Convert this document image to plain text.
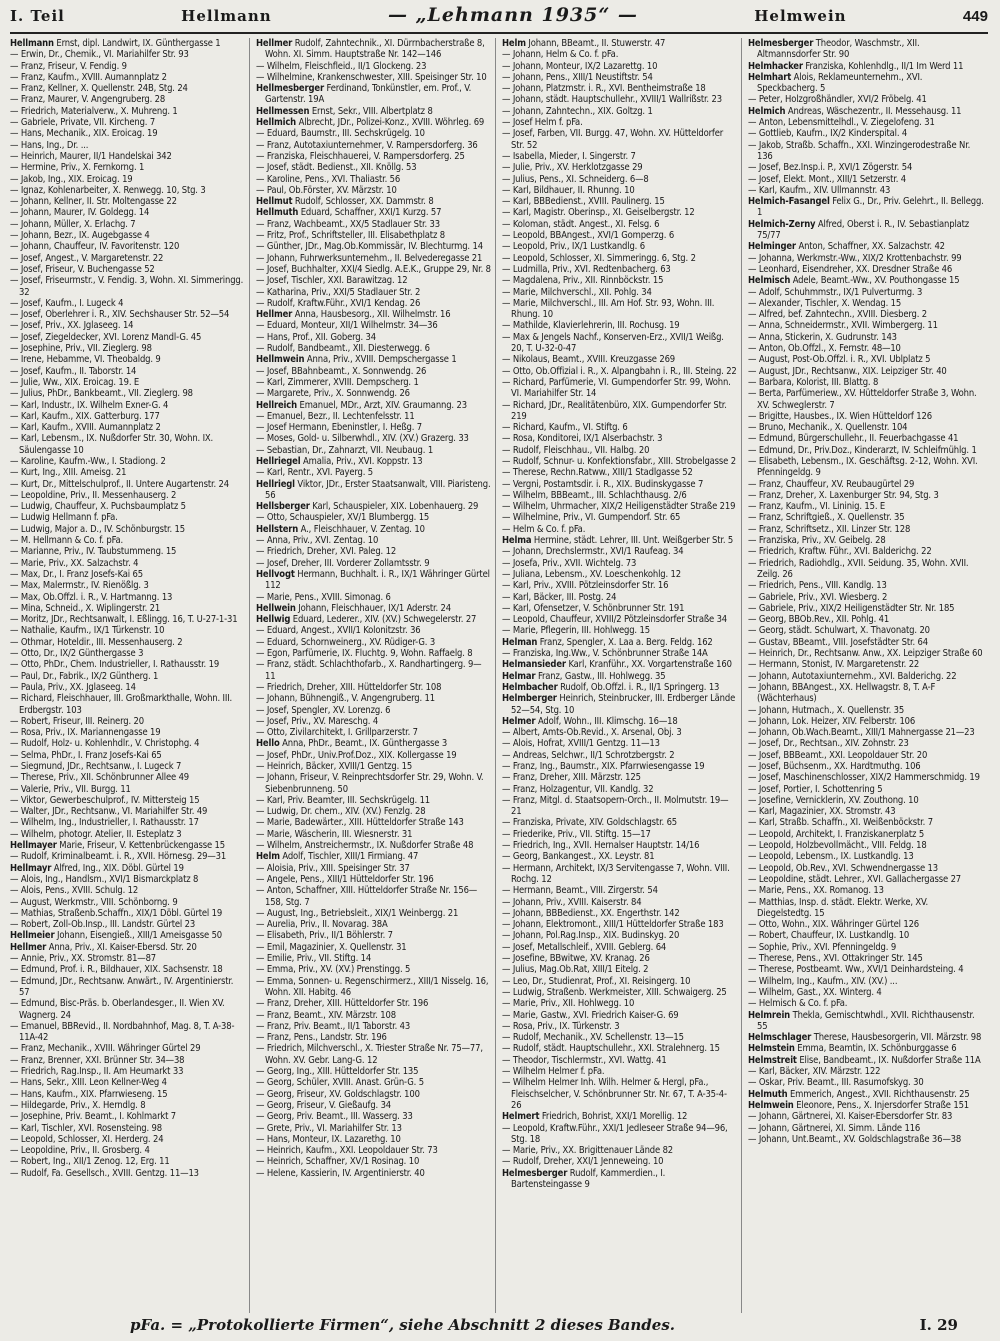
I. Teil	Hellmann	— „Lehmann 1935“ —	Helmwein	449

Hellmann Ernst, dipl. Landwirt, IX. Günthergasse 1

— Erwin, Dr., Chemik., VI. Mariahilfer Str. 93

— Franz, Friseur, V. Fendig. 9

— Franz, Kaufm., XVIII. Aumannplatz 2

— Franz, Kellner, X. Quellenstr. 24B, Stg. 24

— Franz, Maurer, V. Angengruberg. 28

— Friedrich, Materialverw., X. Muhreng. 1

— Gabriele, Private, VII. Kircheng. 7

— Hans, Mechanik., XIX. Eroicag. 19

— Hans, Ing., Dr. ...

— Heinrich, Maurer, II/1 Handelskai 342

— Hermine, Priv., X. Fernkorng. 1

— Jakob, Ing., XIX. Eroicag. 19

— Ignaz, Kohlenarbeiter, X. Renwegg. 10, Stg. 3

— Johann, Kellner, II. Str. Moltengasse 22

— Johann, Maurer, IV. Goldegg. 14

— Johann, Müller, X. Erlachg. 7

— Johann, Bezr., IX. Augebgasse 4

— Johann, Chauffeur, IV. Favoritenstr. 120

— Josef, Angest., V. Margaretenstr. 22

— Josef, Friseur, V. Buchengasse 52

— Josef, Friseurmstr., V. Fendig. 3, Wohn. XI. Simmeringg. 32

— Josef, Kaufm., I. Lugeck 4

— Josef, Oberlehrer i. R., XIV. Sechshauser Str. 52—54

— Josef, Priv., XX. Jglaseeg. 14

— Josef, Ziegeldecker, XVI. Lorenz Mandl-G. 45

— Josephine, Priv., VII. Zieglerg. 98

— Irene, Hebamme, VI. Theobaldg. 9

— Josef, Kaufm., II. Taborstr. 14

— Julie, Ww., XIX. Eroicag. 19. E

— Julius, PhDr., Bankbeamt., VII. Zieglerg. 98

— Karl, Industr., IX. Wilhelm Exner-G. 4

— Karl, Kaufm., XIX. Gatterburg. 177

— Karl, Kaufm., XVIII. Aumannplatz 2

— Karl, Lebensm., IX. Nußdorfer Str. 30, Wohn. IX. Säulengasse 10

— Karoline, Kaufm.-Ww., I. Stadiong. 2

— Kurt, Ing., XIII. Ameisg. 21

— Kurt, Dr., Mittelschulprof., II. Untere Augartenstr. 24

— Leopoldine, Priv., II. Messenhauserg. 2

— Ludwig, Chauffeur, X. Puchsbaumplatz 5

— Ludwig Hellmann f. pFa.

— Ludwig, Major a. D., IV. Schönburgstr. 15

— M. Hellmann & Co. f. pFa.

— Marianne, Priv., IV. Taubstummeng. 15

— Marie, Priv., XX. Salzachstr. 4

— Max, Dr., I. Franz Josefs-Kai 65

— Max, Malermstr., IV. Rienößlg. 3

— Max, Ob.Offzl. i. R., V. Hartmanng. 13

— Mina, Schneid., X. Wiplingerstr. 21

— Moritz, JDr., Rechtsanwalt, I. Eßlingg. 16, T. U-27-1-31

— Nathalie, Kaufm., IX/1 Türkenstr. 10

— Othmar, Hoteldir., III. Messenhauserg. 2

— Otto, Dr., IX/2 Günthergasse 3

— Otto, PhDr., Chem. Industrieller, I. Rathausstr. 19

— Paul, Dr., Fabrik., IX/2 Güntherg. 1

— Paula, Priv., XX. Jglaseeg. 14

— Richard, Fleischhauer, III. Großmarkthalle, Wohn. III. Erdbergstr. 103

— Robert, Friseur, III. Reinerg. 20

— Rosa, Priv., IX. Mariannengasse 19

— Rudolf, Holz- u. Kohlenhdlr., V. Christophg. 4

— Selma, PhDr., I. Franz Josefs-Kai 65

— Siegmund, JDr., Rechtsanw., I. Lugeck 7

— Therese, Priv., XII. Schönbrunner Allee 49

— Valerie, Priv., VII. Burgg. 11

— Viktor, Gewerbeschulprof., IV. Mittersteig 15

— Walter, JDr., Rechtsanw., VI. Mariahilfer Str. 49

— Wilhelm, Ing., Industrieller, I. Rathausstr. 17

— Wilhelm, photogr. Atelier, II. Esteplatz 3

Hellmayer Marie, Friseur, V. Kettenbrückengasse 15

— Rudolf, Kriminalbeamt. i. R., XVII. Hörnesg. 29—31

Hellmayr Alfred, Ing., XIX. Döbl. Gürtel 19

— Alois, Ing., Handlsm., XVI/1 Bismarckplatz 8

— Alois, Pens., XVIII. Schulg. 12

— August, Werkmstr., VIII. Schönborng. 9

— Mathias, Straßenb.Schaffn., XIX/1 Döbl. Gürtel 19

— Robert, Zoll-Ob.Insp., III. Landstr. Gürtel 23

Hellmeier Johann, Eisengieß., XIII/1 Ameisgasse 50

Hellmer Anna, Priv., XI. Kaiser-Ebersd. Str. 20

— Annie, Priv., XX. Stromstr. 81—87

— Edmund, Prof. i. R., Bildhauer, XIX. Sachsenstr. 18

— Edmund, JDr., Rechtsanw. Anwärt., IV. Argentinierstr. 57

— Edmund, Bisc-Präs. b. Oberlandesger., II. Wien XV. Wagnerg. 24

— Emanuel, BBRevid., II. Nordbahnhof, Mag. 8, T. A-38-11A-42

— Franz, Mechanik., XVIII. Währinger Gürtel 29

— Franz, Brenner, XXI. Brünner Str. 34—38

— Friedrich, Rag.Insp., II. Am Heumarkt 33

— Hans, Sekr., XIII. Leon Kellner-Weg 4

— Hans, Kaufm., XIX. Pfarrwieseng. 15

— Hildegarde, Priv., X. Herndlg. 8

— Josephine, Priv. Beamt., I. Kohlmarkt 7

— Karl, Tischler, XVI. Rosensteing. 98

— Leopold, Schlosser, XI. Herderg. 24

— Leopoldine, Priv., II. Grosberg. 4

— Robert, Ing., XII/1 Zenog. 12, Erg. 11

— Rudolf, Fa. Gesellsch., XVIII. Gentzg. 11—13

Hellmer Rudolf, Zahntechnik., XI. Dürrnbacherstraße 8, Wohn. XI. Simm. Hauptstraße Nr. 142—146

— Wilhelm, Fleischfleid., II/1 Glockeng. 23

— Wilhelmine, Krankenschwester, XIII. Speisinger Str. 10

Hellmesberger Ferdinand, Tonkünstler, em. Prof., V. Gartenstr. 19A

Hellmessen Ernst, Sekr., VIII. Albertplatz 8

Hellmich Albrecht, JDr., Polizei-Konz., XVIII. Wöhrleg. 69

— Eduard, Baumstr., III. Sechskrügelg. 10

— Franz, Autotaxiunternehmer, V. Rampersdorferg. 36

— Franziska, Fleischhauerei, V. Rampersdorferg. 25

— Josef, städt. Bedienst., XII. Knöllg. 53

— Karoline, Pens., XVI. Thaliastr. 56

— Paul, Ob.Förster, XV. Märzstr. 10

Hellmut Rudolf, Schlosser, XX. Dammstr. 8

Hellmuth Eduard, Schaffner, XXI/1 Kurzg. 57

— Franz, Wachbeamt., XX/5 Stadlauer Str. 33

— Fritz, Prof., Schriftsteller, III. Elisabethplatz 8

— Günther, JDr., Mag.Ob.Kommissär, IV. Blechturmg. 14

— Johann, Fuhrwerksunternehm., II. Belvederegasse 21

— Josef, Buchhalter, XXI/4 Siedlg. A.E.K., Gruppe 29, Nr. 8

— Josef, Tischler, XXI. Barawitzag. 12

— Katharina, Priv., XXI/5 Stadlauer Str. 2

— Rudolf, Kraftw.Führ., XVI/1 Kendag. 26

Hellmer Anna, Hausbesorg., XII. Wilhelmstr. 16

— Eduard, Monteur, XII/1 Wilhelmstr. 34—36

— Hans, Prof., XII. Goberg. 34

— Rudolf, Bandbeamt., XII. Diesterwegg. 6

Hellmwein Anna, Priv., XVIII. Dempschergasse 1

— Josef, BBahnbeamt., X. Sonnwendg. 26

— Karl, Zimmerer, XVIII. Dempscherg. 1

— Margarete, Priv., X. Sonnwendg. 26

Hellreich Emanuel, MDr., Arzt, XIV. Graumanng. 23

— Emanuel, Bezr., II. Lechtenfelsstr. 11

— Josef Hermann, Ebeninstler, I. Heßg. 7

— Moses, Gold- u. Silberwhdl., XIV. (XV.) Grazerg. 33

— Sebastian, Dr., Zahnarzt, VII. Neubaug. 1

Hellriegel Amalia, Priv., XVI. Koppstr. 13

— Karl, Rentr., XVI. Payerg. 5

Hellriegl Viktor, JDr., Erster Staatsanwalt, VIII. Piaristeng. 56

Hellsberger Karl, Schauspieler, XIX. Lobenhauerg. 29

— Otto, Schauspieler, XV/1 Blumbergg. 15

Hellstern A., Fleischhauer, V. Zentag. 10

— Anna, Priv., XVI. Zentag. 10

— Friedrich, Dreher, XVI. Paleg. 12

— Josef, Dreher, III. Vorderer Zollamtsstr. 9

Hellvogt Hermann, Buchhalt. i. R., IX/1 Währinger Gürtel 112

— Marie, Pens., XVIII. Simonag. 6

Hellwein Johann, Fleischhauer, IX/1 Aderstr. 24

Hellwig Eduard, Lederer., XIV. (XV.) Schwegelerstr. 27

— Eduard, Angest., XVII/1 Kolonitzstr. 36

— Eduard, Schornweinerg., XV. Rüdiger-G. 3

— Egon, Parfümerie, IX. Fluchtg. 9, Wohn. Raffaelg. 8

— Franz, städt. Schlachthofarb., X. Randhartingerg. 9—11

— Friedrich, Dreher, XIII. Hütteldorfer Str. 108

— Johann, Bühnengiß., V. Angengruberg. 11

— Josef, Spengler, XV. Lorenzg. 6

— Josef, Priv., XV. Mareschg. 4

— Otto, Zivilarchitekt, I. Grillparzerstr. 7

Hello Anna, PhDr., Beamt., IX. Günthergasse 3

— Josef, PhDr., Univ.Prof.Doz., XIX. Kollergasse 19

— Heinrich, Bäcker, XVIII/1 Gentzg. 15

— Johann, Friseur, V. Reinprechtsdorfer Str. 29, Wohn. V. Siebenbrunneng. 50

— Karl, Priv. Beamter, III. Sechskrügelg. 11

— Ludwig, Dr. chem., XIV. (XV.) Fenzlg. 28

— Marie, Badewärter., XIII. Hütteldorfer Straße 143

— Marie, Wäscherin, III. Wiesnerstr. 31

— Wilhelm, Anstreichermstr., IX. Nußdorfer Straße 48

Helm Adolf, Tischler, XIII/1 Firmiang. 47

— Aloisia, Priv., XIII. Speisinger Str. 37

— Angele, Pens., XIII/1 Hütteldorfer Str. 196

— Anton, Schaffner, XIII. Hütteldorfer Straße Nr. 156—158, Stg. 7

— August, Ing., Betriebsleit., XIX/1 Weinbergg. 21

— Aurelia, Priv., II. Novarag. 38A

— Elisabeth, Priv., II/1 Böhlerstr. 7

— Emil, Magazinier, X. Quellenstr. 31

— Emilie, Priv., VII. Stiftg. 14

— Emma, Priv., XV. (XV.) Prenstingg. 5

— Emma, Sonnen- u. Regenschirmerz., XIII/1 Nisselg. 16, Wohn. XII. Habitg. 46

— Franz, Dreher, XIII. Hütteldorfer Str. 196

— Franz, Beamt., XIV. Märzstr. 108

— Franz, Priv. Beamt., II/1 Taborstr. 43

— Franz, Pens., Landstr. Str. 196

— Friedrich, Milchverschl., X. Triester Straße Nr. 75—77, Wohn. XV. Gebr. Lang-G. 12

— Georg, Ing., XIII. Hütteldorfer Str. 135

— Georg, Schüler, XVIII. Anast. Grün-G. 5

— Georg, Friseur, XV. Goldschlagstr. 100

— Georg, Friseur, V. Gießaufg. 34

— Georg, Priv. Beamt., III. Wasserg. 33

— Grete, Priv., VI. Mariahilfer Str. 13

— Hans, Monteur, IX. Lazarethg. 10

— Heinrich, Kaufm., XXI. Leopoldauer Str. 73

— Heinrich, Schaffner, XV/1 Rosinag. 10

— Helene, Kassierin, IV. Argentinierstr. 40

Helm Johann, BBeamt., II. Stuwerstr. 47

— Johann, Helm & Co. f. pFa.

— Johann, Monteur, IX/2 Lazarettg. 10

— Johann, Pens., XIII/1 Neustiftstr. 54

— Johann, Platzmstr. i. R., XVI. Bentheimstraße 18

— Johann, städt. Hauptschullehr., XVIII/1 Wallrißstr. 23

— Johann, Zahntechn., XIX. Goltzg. 1

— Josef Helm f. pFa.

— Josef, Farben, VII. Burgg. 47, Wohn. XV. Hütteldorfer Str. 52

— Isabella, Mieder, I. Singerstr. 7

— Julie, Priv., XV. Herklotzgasse 29

— Julius, Pens., XI. Schneiderg. 6—8

— Karl, Bildhauer, II. Rhunng. 10

— Karl, BBBedienst., XVIII. Paulinerg. 15

— Karl, Magistr. Oberinsp., XI. Geiselbergstr. 12

— Koloman, städt. Angest., XI. Felsg. 6

— Leopold, BBAngest., XVI/1 Gomperzg. 6

— Leopold, Priv., IX/1 Lustkandlg. 6

— Leopold, Schlosser, XI. Simmeringg. 6, Stg. 2

— Ludmilla, Priv., XVI. Redtenbacherg. 63

— Magdalena, Priv., XII. Rinnböckstr. 15

— Marie, Milchverschl., XII. Pohlg. 34

— Marie, Milchverschl., III. Am Hof. Str. 93, Wohn. III. Rhung. 10

— Mathilde, Klavierlehrerin, III. Rochusg. 19

— Max & Jengels Nachf., Konserven-Erz., XVII/1 Weißg. 20, T. U-32-0-47

— Nikolaus, Beamt., XVIII. Kreuzgasse 269

— Otto, Ob.Offizial i. R., X. Alpangbahn i. R., III. Steing. 22

— Richard, Parfümerie, VI. Gumpendorfer Str. 99, Wohn. VI. Mariahilfer Str. 14

— Richard, JDr., Realitätenbüro, XIX. Gumpendorfer Str. 219

— Richard, Kaufm., VI. Stiftg. 6

— Rosa, Konditorei, IX/1 Alserbachstr. 3

— Rudolf, Fleischhau., VII. Halbg. 20

— Rudolf, Schnur- u. Konfektionsfabr., XIII. Strobelgasse 2

— Therese, Rechn.Ratww., XIII/1 Stadlgasse 52

— Vergni, Postamtsdir. i. R., XIX. Budinskygasse 7

— Wilhelm, BBBeamt., III. Schlachthausg. 2/6

— Wilhelm, Uhrmacher, XIX/2 Heiligenstädter Straße 219

— Wilhelmine, Priv., VI. Gumpendorf. Str. 65

— Helm & Co. f. pFa.

Helma Hermine, städt. Lehrer, III. Unt. Weißgerber Str. 5

— Johann, Drechslermstr., XVI/1 Raufeag. 34

— Josefa, Priv., XVII. Wichtelg. 73

— Juliana, Lebensm., XV. Loeschenkohlg. 12

— Karl, Priv., XVIII. Pötzleinsdorfer Str. 16

— Karl, Bäcker, III. Postg. 24

— Karl, Ofensetzer, V. Schönbrunner Str. 191

— Leopold, Chauffeur, XVIII/2 Pötzleinsdorfer Straße 34

— Marie, Pflegerin, III. Hohlwegg. 15

Helman Franz, Spengler, X. Laa a. Berg. Feldg. 162

— Franziska, Ing.Ww., V. Schönbrunner Straße 14A

Helmansieder Karl, Kranführ., XX. Vorgartenstraße 160

Helmar Franz, Gastw., III. Hohlwegg. 35

Helmbacher Rudolf, Ob.Offzl. i. R., II/1 Springerg. 13

Helmberger Heinrich, Steinbrucker, III. Erdberger Lände 52—54, Stg. 10

Helmer Adolf, Wohn., III. Klimschg. 16—18

— Albert, Amts-Ob.Revid., X. Arsenal, Obj. 3

— Alois, Hofrat, XVIII/1 Gentzg. 11—13

— Andreas, Selchwr., II/1 Schrotzbergstr. 2

— Franz, Ing., Baumstr., XIX. Pfarrwiesengasse 19

— Franz, Dreher, XIII. Märzstr. 125

— Franz, Holzagentur, VII. Kandlg. 32

— Franz, Mitgl. d. Staatsopern-Orch., II. Molmutstr. 19—21

— Franziska, Private, XIV. Goldschlagstr. 65

— Friederike, Priv., VII. Stiftg. 15—17

— Friedrich, Ing., XVII. Hernalser Hauptstr. 14/16

— Georg, Bankangest., XX. Leystr. 81

— Hermann, Architekt, IX/3 Servitengasse 7, Wohn. VIII. Rochg. 12

— Hermann, Beamt., VIII. Zirgerstr. 54

— Johann, Priv., XVIII. Kaiserstr. 84

— Johann, BBBedienst., XX. Engerthstr. 142

— Johann, Elektromont., XIII/1 Hütteldorfer Straße 183

— Johann, Pol.Rag.Insp., XIX. Budinskyg. 20

— Josef, Metallschleif., XVIII. Geblerg. 64

— Josefine, BBwitwe, XV. Kranag. 26

— Julius, Mag.Ob.Rat, XIII/1 Eitelg. 2

— Leo, Dr., Studienrat, Prof., XI. Reisingerg. 10

— Ludwig, Straßenb. Werkmeister, XIII. Schwaigerg. 25

— Marie, Priv., XII. Hohlwegg. 10

— Marie, Gastw., XVI. Friedrich Kaiser-G. 69

— Rosa, Priv., IX. Türkenstr. 3

— Rudolf, Mechanik., XV. Schellenstr. 13—15

— Rudolf, städt. Hauptschullehr., XXI. Stralehnerg. 15

— Theodor, Tischlermstr., XVI. Wattg. 41

— Wilhelm Helmer f. pFa.

— Wilhelm Helmer Inh. Wilh. Helmer & Hergl, pFa., Fleischselcher, V. Schönbrunner Str. Nr. 67, T. A-35-4-26

Helmert Friedrich, Bohrist, XXI/1 Morellig. 12

— Leopold, Kraftw.Führ., XXI/1 Jedleseer Straße 94—96, Stg. 18

— Marie, Priv., XX. Brigittenauer Lände 82

— Rudolf, Dreher, XXI/1 Jenneweing. 10

Helmesberger Rudolf, Kammerdien., I. Bartensteingasse 9

Helmesberger Theodor, Waschmstr., XII. Altmannsdorfer Str. 90

Helmhacker Franziska, Kohlenhdlg., II/1 Im Werd 11

Helmhart Alois, Reklameunternehm., XVI. Speckbacherg. 5

— Peter, Holzgroßhändler, XVI/2 Fröbelg. 41

Helmich Andreas, Wäschezentr., II. Messehausg. 11

— Anton, Lebensmittelhdl., V. Ziegelofeng. 31

— Gottlieb, Kaufm., IX/2 Kinderspital. 4

— Jakob, Straßb. Schaffn., XXI. Winzingerodestraße Nr. 136

— Josef, Bez.Insp.i. P., XVI/1 Zögerstr. 54

— Josef, Elekt. Mont., XIII/1 Setzerstr. 4

— Karl, Kaufm., XIV. Ullmannstr. 43

Helmich-Fasangel Felix G., Dr., Priv. Gelehrt., II. Bellegg. 1

Helmich-Zerny Alfred, Oberst i. R., IV. Sebastianplatz 75/77

Helminger Anton, Schaffner, XX. Salzachstr. 42

— Johanna, Werkmstr.-Ww., XIX/2 Krottenbachstr. 99

— Leonhard, Eisendreher, XX. Dresdner Straße 46

Helmisch Adele, Beamt.-Ww., XV. Pouthongasse 15

— Adolf, Schuhmmstr., IX/1 Pulverturmg. 3

— Alexander, Tischler, X. Wendag. 15

— Alfred, bef. Zahntechn., XVIII. Diesberg. 2

— Anna, Schneidermstr., XVII. Wimbergerg. 11

— Anna, Stickerin, X. Gudrunstr. 143

— Anton, Ob.Offzl., X. Fernstr. 48—10

— August, Post-Ob.Offzl. i. R., XVI. Ublplatz 5

— August, JDr., Rechtsanw., XIX. Leipziger Str. 40

— Barbara, Kolorist, III. Blattg. 8

— Berta, Parfümeriew., XV. Hütteldorfer Straße 3, Wohn. XV. Schweglerstr. 7

— Brigitte, Hausbes., IX. Wien Hütteldorf 126

— Bruno, Mechanik., X. Quellenstr. 104

— Edmund, Bürgerschullehr., II. Feuerbachgasse 41

— Edmund, Dr., Priv.Doz., Kinderarzt, IV. Schleifmühlg. 1

— Elisabeth, Lebensm., IX. Geschäftsg. 2-12, Wohn. XVI. Pfenningeldg. 9

— Franz, Chauffeur, XV. Reubaugürtel 29

— Franz, Dreher, X. Laxenburger Str. 94, Stg. 3

— Franz, Kaufm., VI. Lininig. 15. E

— Franz, Schriftgieß., X. Quellenstr. 35

— Franz, Schriftsetz., XII. Linzer Str. 128

— Franziska, Priv., XV. Geibelg. 28

— Friedrich, Kraftw. Führ., XVI. Balderichg. 22

— Friedrich, Radiohdlg., XVII. Seidung. 35, Wohn. XVII. Zeilg. 26

— Friedrich, Pens., VIII. Kandlg. 13

— Gabriele, Priv., XVI. Wiesberg. 2

— Gabriele, Priv., XIX/2 Heiligenstädter Str. Nr. 185

— Georg, BBOb.Rev., XII. Pohlg. 41

— Georg, städt. Schulwart, X. Thavonatg. 20

— Gustav, BBeamt., VIII. Josefstädter Str. 64

— Heinrich, Dr., Rechtsanw. Anw., XX. Leipziger Straße 60

— Hermann, Stonist, IV. Margaretenstr. 22

— Johann, Autotaxiunternehm., XVI. Balderichg. 22

— Johann, BBAngest., XX. Hellwagstr. 8, T. A-F (Wächterhaus)

— Johann, Hutmach., X. Quellenstr. 35

— Johann, Lok. Heizer, XIV. Felberstr. 106

— Johann, Ob.Wach.Beamt., XIII/1 Mahnergasse 21—23

— Josef, Dr., Rechtsan., XIV. Zohnstr. 23

— Josef, BBBeamt., XXI. Leopoldauer Str. 20

— Josef, Büchsenm., XX. Hardtmuthg. 106

— Josef, Maschinenschlosser, XIX/2 Hammerschmidg. 19

— Josef, Portier, I. Schottenring 5

— Josefine, Vernicklerin, XV. Zouthong. 10

— Karl, Magazinier, XX. Stromstr. 43

— Karl, Straßb. Schaffn., XI. Weißenböckstr. 7

— Leopold, Architekt, I. Franziskanerplatz 5

— Leopold, Holzbevollmächt., VIII. Feldg. 18

— Leopold, Lebensm., IX. Lustkandlg. 13

— Leopold, Ob.Rev., XVI. Schwendnergasse 13

— Leopoldine, städt. Lehrer., XVI. Gallachergasse 27

— Marie, Pens., XX. Romanog. 13

— Matthias, Insp. d. städt. Elektr. Werke, XV. Diegelstedtg. 15

— Otto, Wohn., XIX. Währinger Gürtel 126

— Robert, Chauffeur, IX. Lustkandlg. 10

— Sophie, Priv., XVI. Pfenningeldg. 9

— Therese, Pens., XVI. Ottakringer Str. 145

— Therese, Postbeamt. Ww., XVI/1 Deinhardsteing. 4

— Wilhelm, Ing., Kaufm., XIV. (XV.) ...

— Wilhelm, Gast., XX. Winterg. 4

— Helmisch & Co. f. pFa.

Helmrein Thekla, Gemischtwhdl., XVII. Richthausenstr. 55

Helmschlager Therese, Hausbesorgerin, VII. Märzstr. 98

Helmstein Emma, Beamtin, IX. Schönburggasse 6

Helmstreit Elise, Bandbeamt., IX. Nußdorfer Straße 11A

— Karl, Bäcker, XIV. Märzstr. 122

— Oskar, Priv. Beamt., III. Rasumofskyg. 30

Helmuth Emmerich, Angest., XVII. Richthausenstr. 25

Helmwein Eleonore, Pens., X. Injersdorfer Straße 151

— Johann, Gärtnerei, XI. Kaiser-Ebersdorfer Str. 83

— Johann, Gärtnerei, XI. Simm. Lände 116

— Johann, Unt.Beamt., XV. Goldschlagstraße 36—38

pFa. = „Protokollierte Firmen“, siehe Abschnitt 2 dieses Bandes.	I. 29
